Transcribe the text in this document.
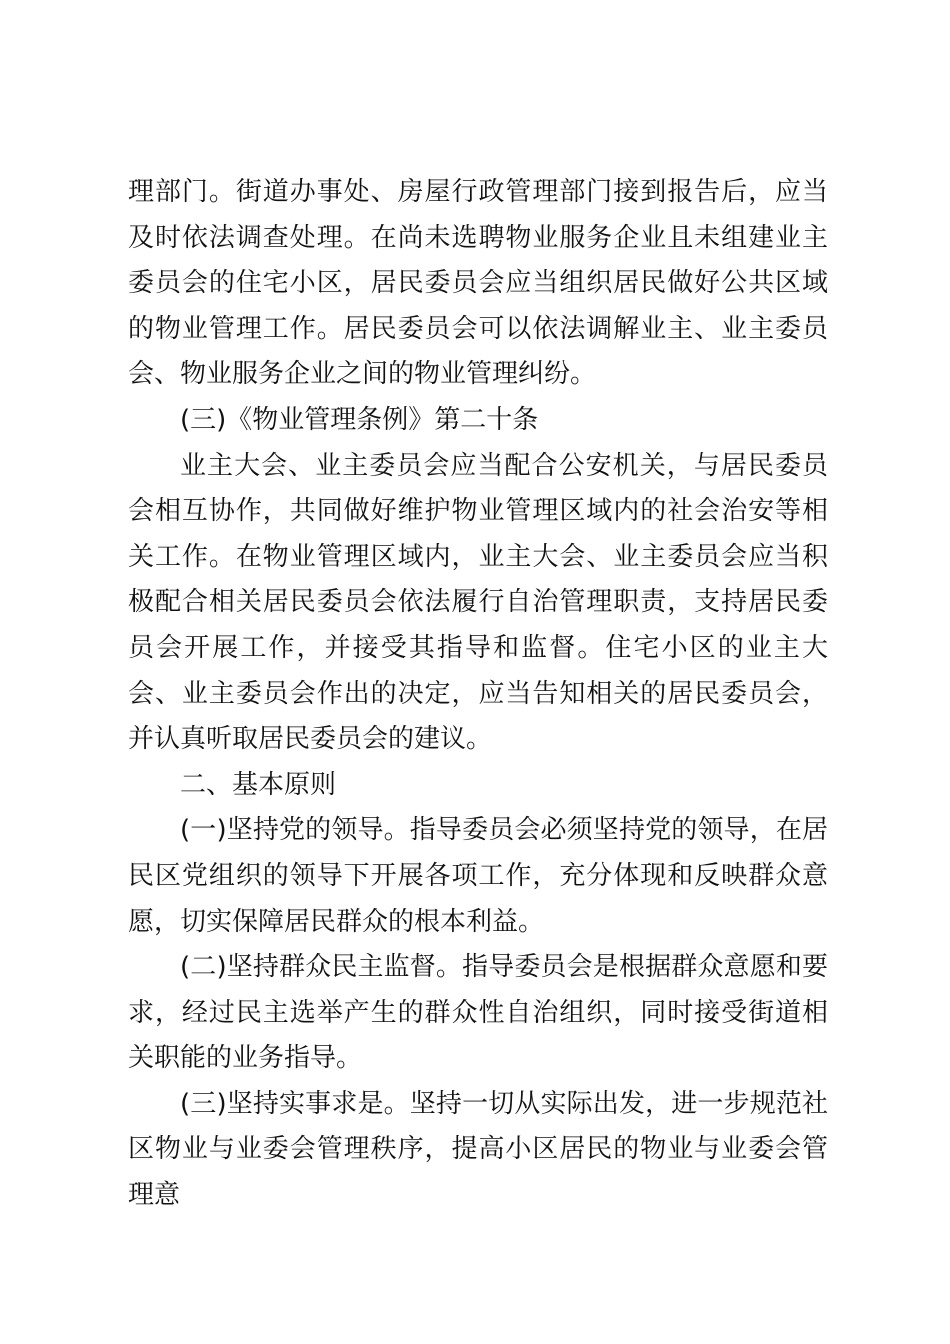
理部门。街道办事处、房屋行政管理部门接到报告后，应当及时依法调查处理。在尚未选聘物业服务企业且未组建业主委员会的住宅小区，居民委员会应当组织居民做好公共区域的物业管理工作。居民委员会可以依法调解业主、业主委员会、物业服务企业之间的物业管理纠纷。

(三)《物业管理条例》第二十条

业主大会、业主委员会应当配合公安机关，与居民委员会相互协作，共同做好维护物业管理区域内的社会治安等相关工作。在物业管理区域内，业主大会、业主委员会应当积极配合相关居民委员会依法履行自治管理职责，支持居民委员会开展工作，并接受其指导和监督。住宅小区的业主大会、业主委员会作出的决定，应当告知相关的居民委员会，并认真听取居民委员会的建议。

二、基本原则

(一)坚持党的领导。指导委员会必须坚持党的领导，在居民区党组织的领导下开展各项工作，充分体现和反映群众意愿，切实保障居民群众的根本利益。

(二)坚持群众民主监督。指导委员会是根据群众意愿和要求，经过民主选举产生的群众性自治组织，同时接受街道相关职能的业务指导。

(三)坚持实事求是。坚持一切从实际出发，进一步规范社区物业与业委会管理秩序，提高小区居民的物业与业委会管理意
